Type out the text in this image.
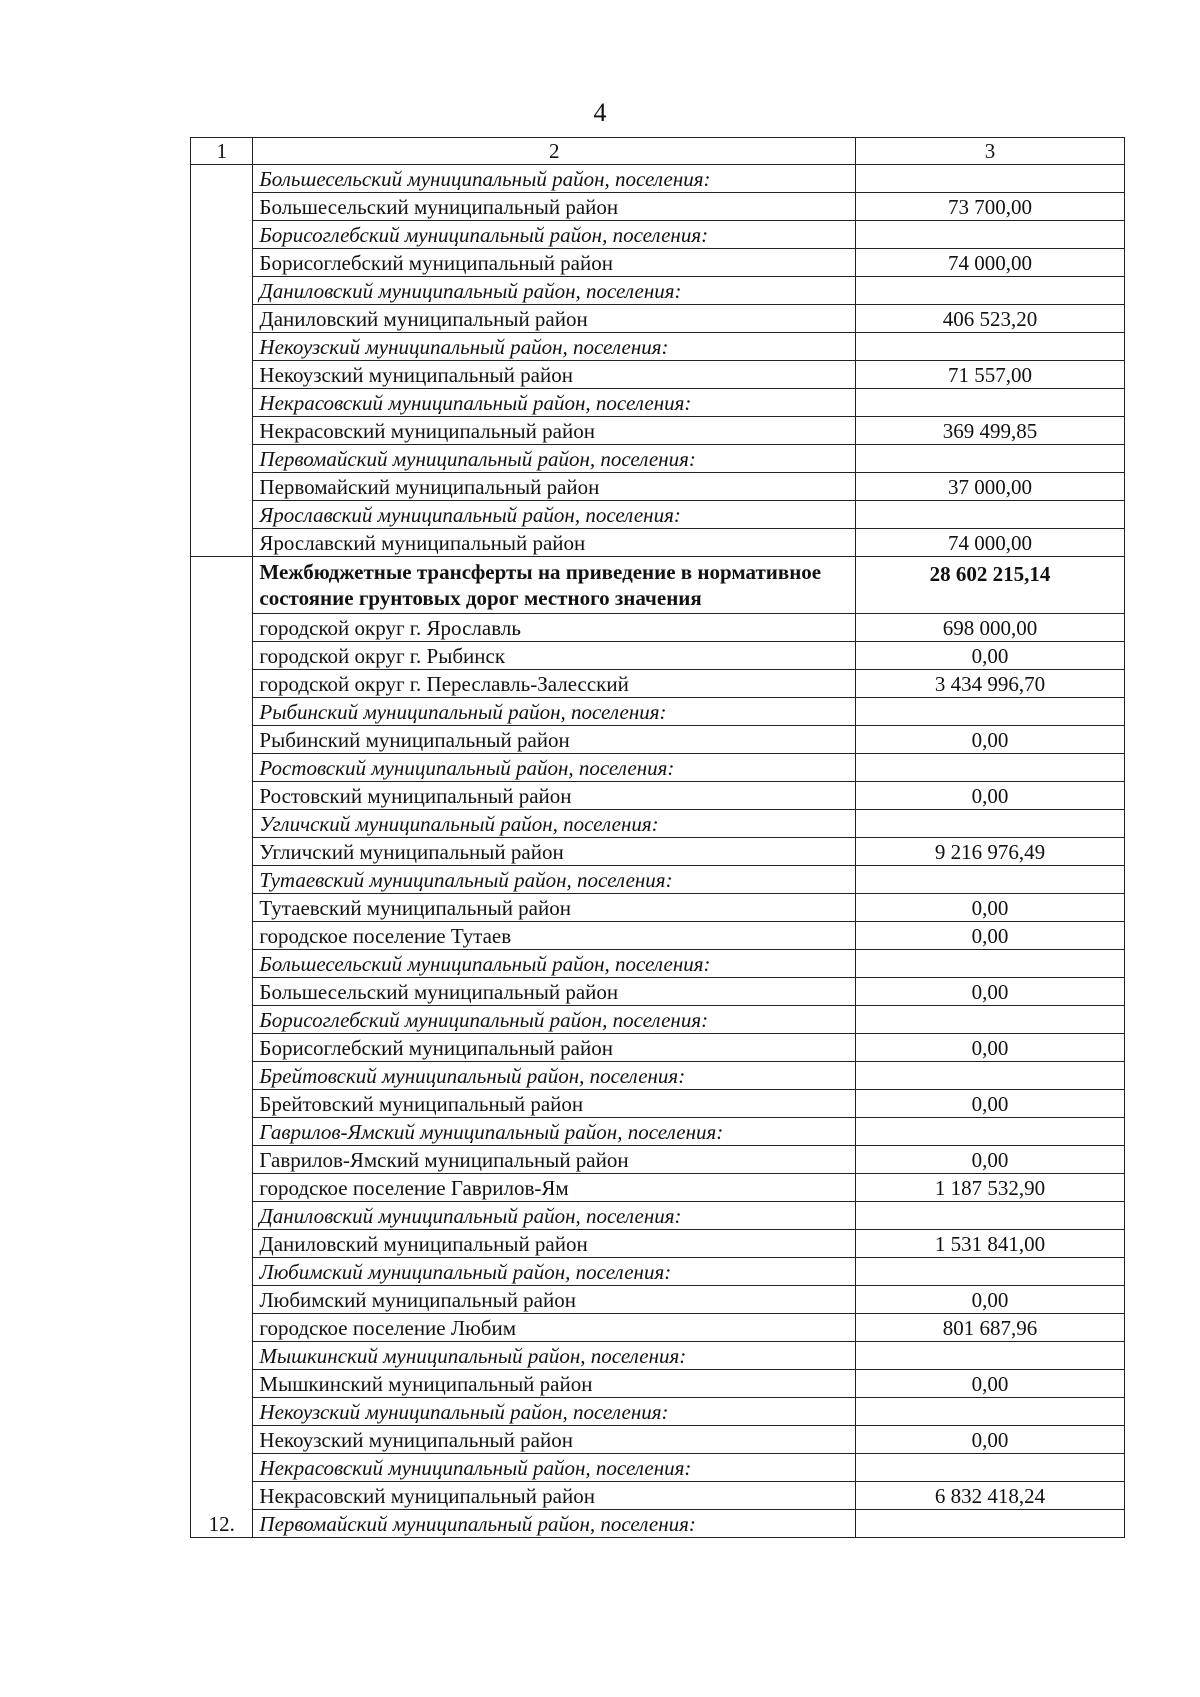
4
1	2	3
	Большесельский муниципальный район, поселения:	
	Большесельский муниципальный район	73 700,00
	Борисоглебский муниципальный район, поселения:	
	Борисоглебский муниципальный район	74 000,00
	Даниловский муниципальный район, поселения:	
	Даниловский муниципальный район	406 523,20
	Некоузский муниципальный район, поселения:	
	Некоузский муниципальный район	71 557,00
	Некрасовский муниципальный район, поселения:	
	Некрасовский муниципальный район	369 499,85
	Первомайский муниципальный район, поселения:	
	Первомайский муниципальный район	37 000,00
	Ярославский муниципальный район, поселения:	
	Ярославский муниципальный район	74 000,00
12.	Межбюджетные трансферты на приведение в нормативное состояние грунтовых дорог местного значения	28 602 215,14
	городской округ г. Ярославль	698 000,00
	городской округ г. Рыбинск	0,00
	городской округ г. Переславль-Залесский	3 434 996,70
	Рыбинский муниципальный район, поселения:	
	Рыбинский муниципальный район	0,00
	Ростовский муниципальный район, поселения:	
	Ростовский муниципальный район	0,00
	Угличский муниципальный район, поселения:	
	Угличский муниципальный район	9 216 976,49
	Тутаевский муниципальный район, поселения:	
	Тутаевский муниципальный район	0,00
	городское поселение Тутаев	0,00
	Большесельский муниципальный район, поселения:	
	Большесельский муниципальный район	0,00
	Борисоглебский муниципальный район, поселения:	
	Борисоглебский муниципальный район	0,00
	Брейтовский муниципальный район, поселения:	
	Брейтовский муниципальный район	0,00
	Гаврилов-Ямский муниципальный район, поселения:	
	Гаврилов-Ямский муниципальный район	0,00
	городское поселение Гаврилов-Ям	1 187 532,90
	Даниловский муниципальный район, поселения:	
	Даниловский муниципальный район	1 531 841,00
	Любимский муниципальный район, поселения:	
	Любимский муниципальный район	0,00
	городское поселение Любим	801 687,96
	Мышкинский муниципальный район, поселения:	
	Мышкинский муниципальный район	0,00
	Некоузский муниципальный район, поселения:	
	Некоузский муниципальный район	0,00
	Некрасовский муниципальный район, поселения:	
	Некрасовский муниципальный район	6 832 418,24
	Первомайский муниципальный район, поселения:	
